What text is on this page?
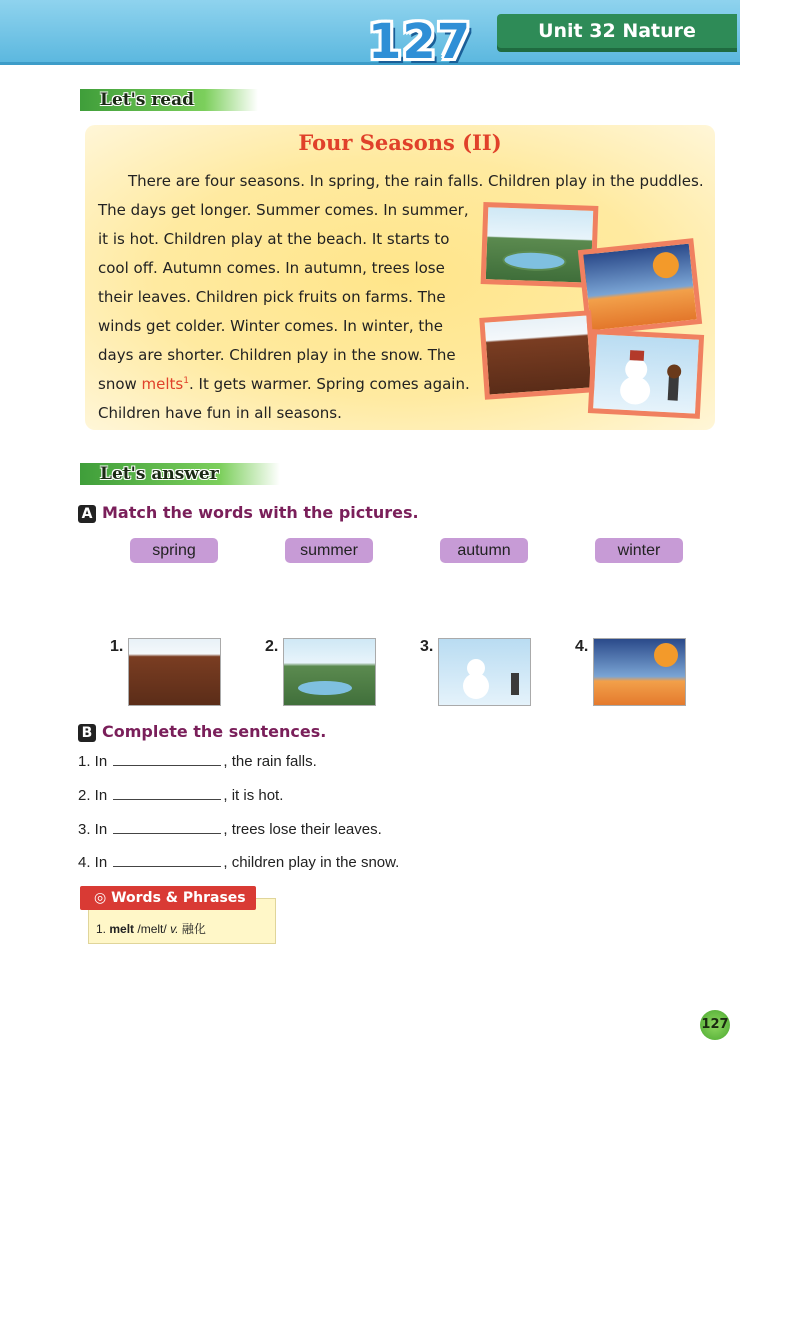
127	Unit 32 Nature
Let's read
Four Seasons (II)
There are four seasons. In spring, the rain falls. Children play in the puddles.
The days get longer. Summer comes. In summer,
it is hot. Children play at the beach. It starts to
cool off. Autumn comes. In autumn, trees lose
their leaves. Children pick fruits on farms. The
winds get colder. Winter comes. In winter, the
days are shorter. Children play in the snow. The
snow melts$^1$. It gets warmer. Spring comes again.
Children have fun in all seasons.
Let's answer
A Match the words with the pictures.
spring	summer	autumn	winter
1.	2.	3.	4.
B Complete the sentences.
1. In	, the rain falls.
2. In	, it is hot.
3. In	, trees lose their leaves.
4. In	, children play in the snow.
◎ Words & Phrases
1. melt /melt/ v. 融化
127
